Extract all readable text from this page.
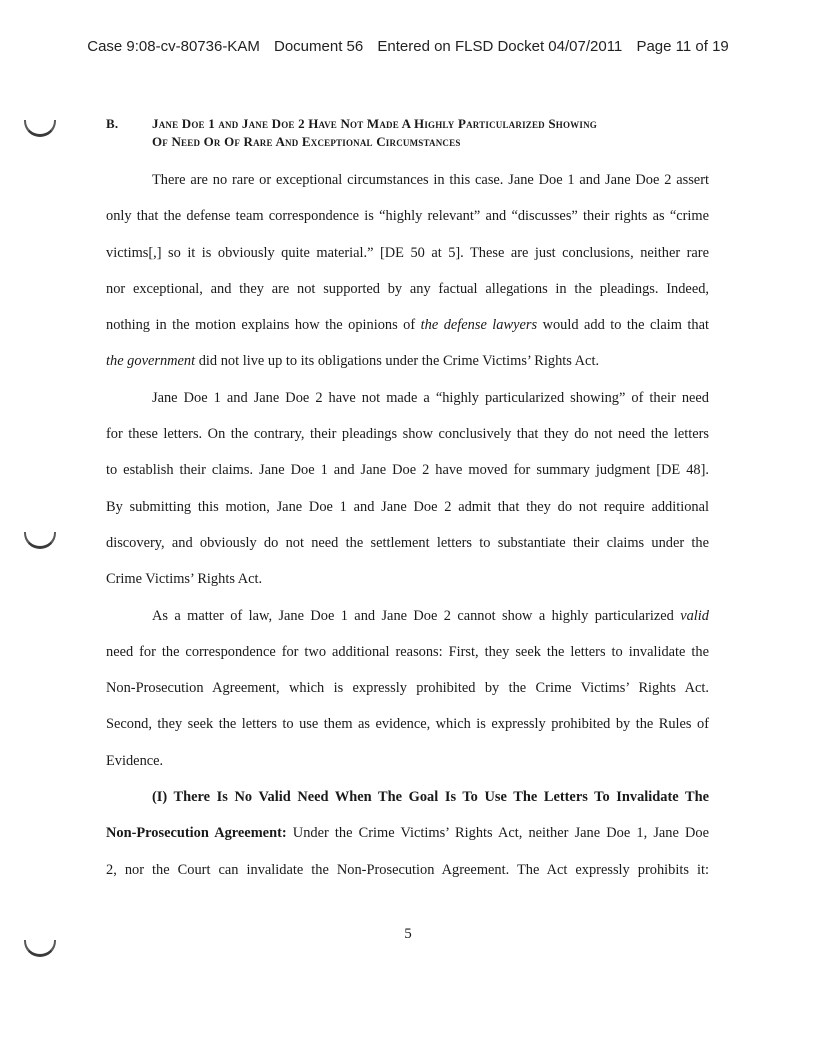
Case 9:08-cv-80736-KAM Document 56 Entered on FLSD Docket 04/07/2011 Page 11 of 19
B.	Jane Doe 1 and Jane Doe 2 Have Not Made A Highly Particularized Showing
Of Need Or Of Rare And Exceptional Circumstances
There are no rare or exceptional circumstances in this case. Jane Doe 1 and Jane Doe 2 assert
only that the defense team correspondence is “highly relevant” and “discusses” their rights as “crime
victims[,] so it is obviously quite material.” [DE 50 at 5]. These are just conclusions, neither rare
nor exceptional, and they are not supported by any factual allegations in the pleadings. Indeed,
nothing in the motion explains how the opinions of the defense lawyers would add to the claim that
the government did not live up to its obligations under the Crime Victims’ Rights Act.
Jane Doe 1 and Jane Doe 2 have not made a “highly particularized showing” of their need
for these letters. On the contrary, their pleadings show conclusively that they do not need the letters
to establish their claims. Jane Doe 1 and Jane Doe 2 have moved for summary judgment [DE 48].
By submitting this motion, Jane Doe 1 and Jane Doe 2 admit that they do not require additional
discovery, and obviously do not need the settlement letters to substantiate their claims under the
Crime Victims’ Rights Act.
As a matter of law, Jane Doe 1 and Jane Doe 2 cannot show a highly particularized valid
need for the correspondence for two additional reasons: First, they seek the letters to invalidate the
Non-Prosecution Agreement, which is expressly prohibited by the Crime Victims’ Rights Act.
Second, they seek the letters to use them as evidence, which is expressly prohibited by the Rules of
Evidence.
(I) There Is No Valid Need When The Goal Is To Use The Letters To Invalidate The
Non-Prosecution Agreement: Under the Crime Victims’ Rights Act, neither Jane Doe 1, Jane Doe
2, nor the Court can invalidate the Non-Prosecution Agreement. The Act expressly prohibits it:
5
